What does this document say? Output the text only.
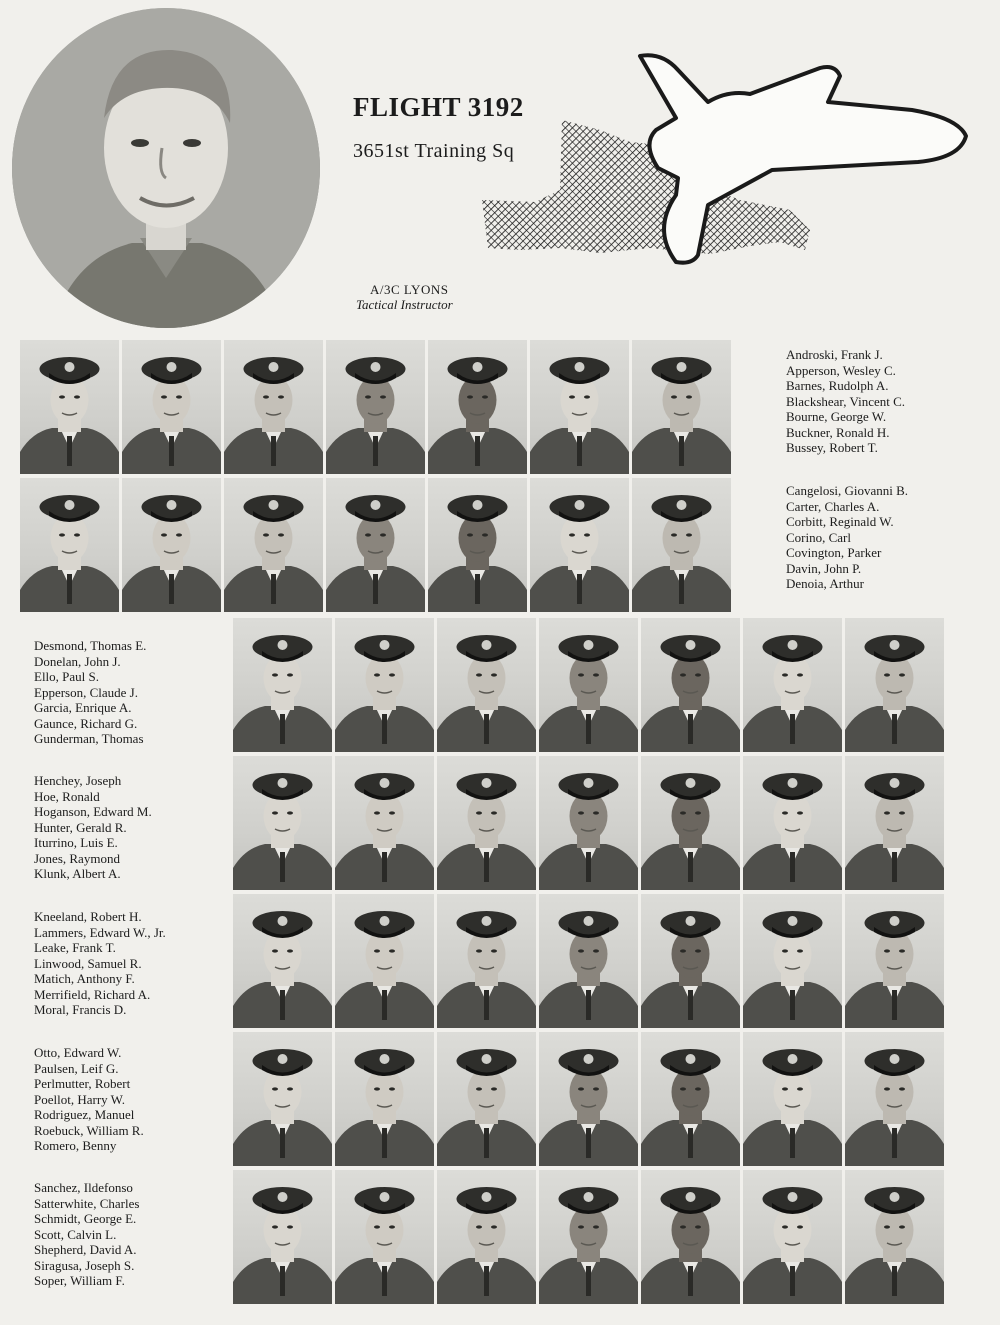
FLIGHT 3192
3651st Training Sq
A/3C LYONS
Tactical Instructor
Androski, Frank J.
Apperson, Wesley C.
Barnes, Rudolph A.
Blackshear, Vincent C.
Bourne, George W.
Buckner, Ronald H.
Bussey, Robert T.
Cangelosi, Giovanni B.
Carter, Charles A.
Corbitt, Reginald W.
Corino, Carl
Covington, Parker
Davin, John P.
Denoia, Arthur
Desmond, Thomas E.
Donelan, John J.
Ello, Paul S.
Epperson, Claude J.
Garcia, Enrique A.
Gaunce, Richard G.
Gunderman, Thomas
Henchey, Joseph
Hoe, Ronald
Hoganson, Edward M.
Hunter, Gerald R.
Iturrino, Luis E.
Jones, Raymond
Klunk, Albert A.
Kneeland, Robert H.
Lammers, Edward W., Jr.
Leake, Frank T.
Linwood, Samuel R.
Matich, Anthony F.
Merrifield, Richard A.
Moral, Francis D.
Otto, Edward W.
Paulsen, Leif G.
Perlmutter, Robert
Poellot, Harry W.
Rodriguez, Manuel
Roebuck, William R.
Romero, Benny
Sanchez, Ildefonso
Satterwhite, Charles
Schmidt, George E.
Scott, Calvin L.
Shepherd, David A.
Siragusa, Joseph S.
Soper, William F.
